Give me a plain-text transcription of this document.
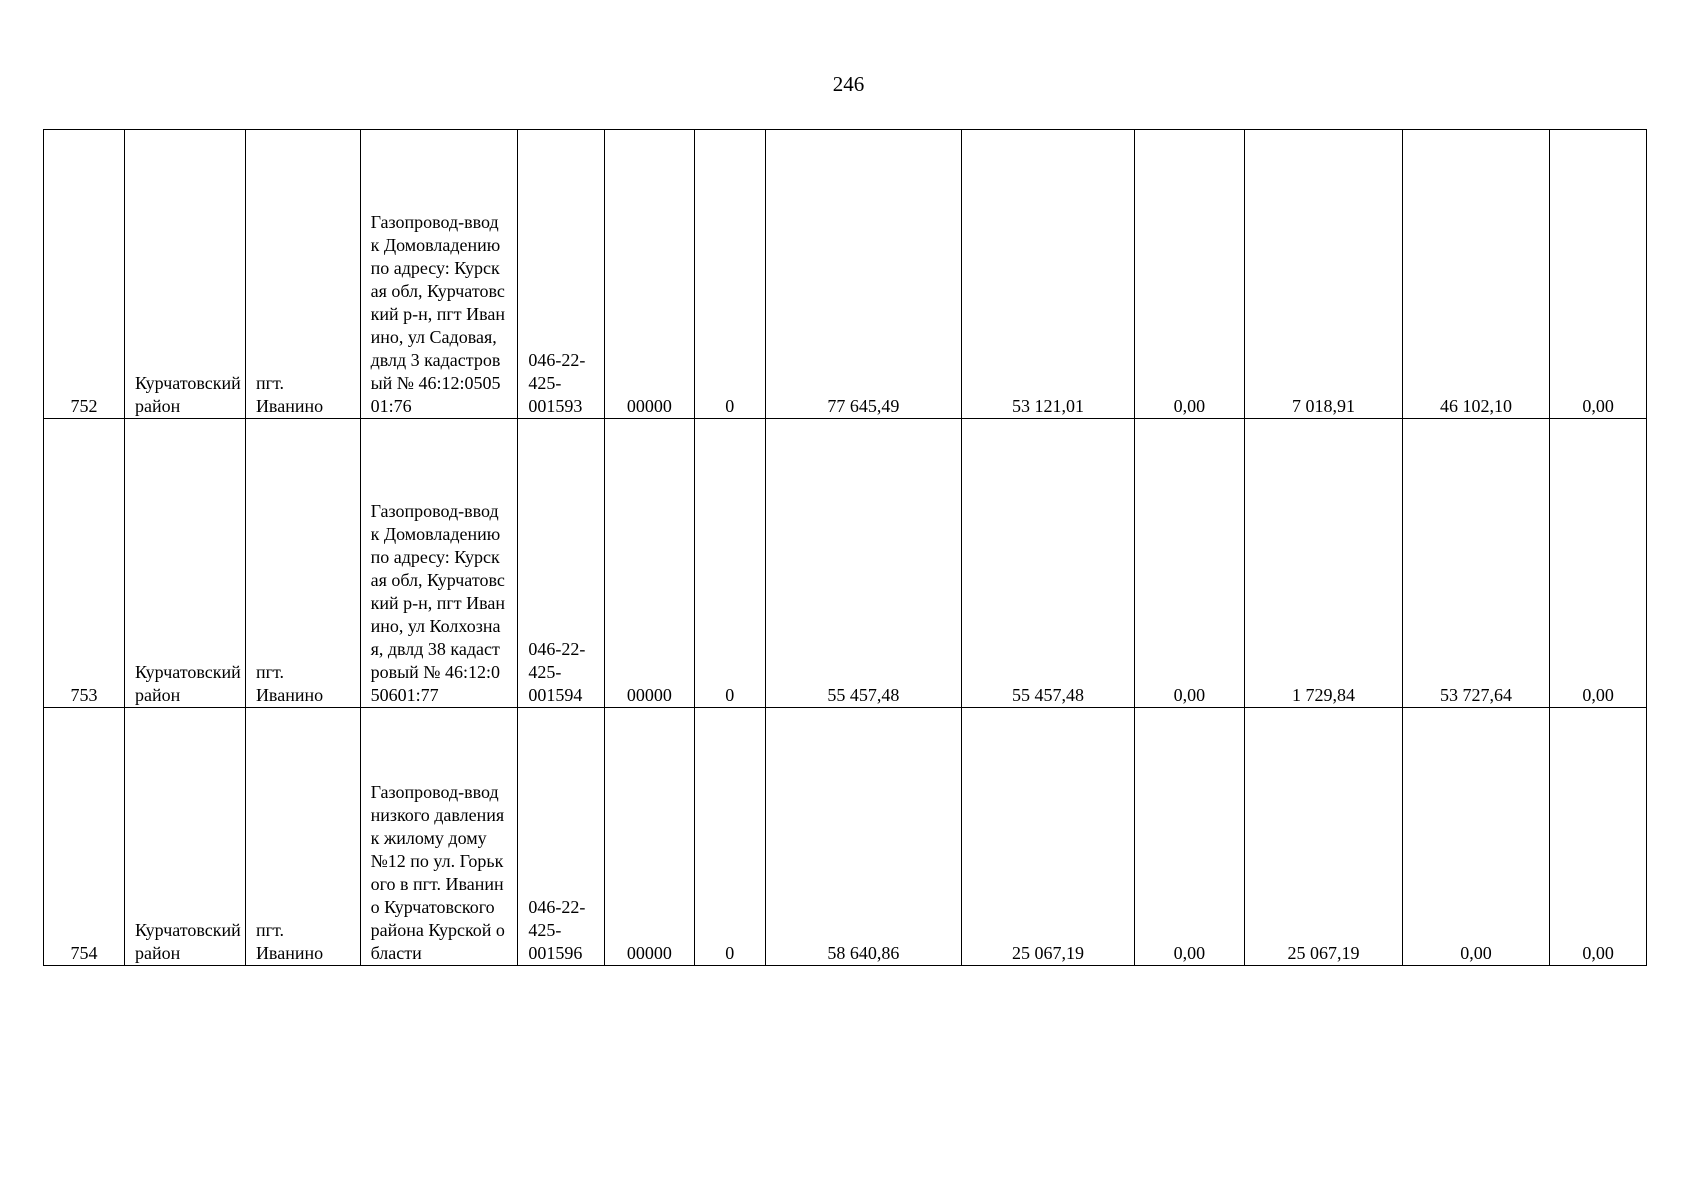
246
752	Курчатовский район	пгт. Иванино	Газопровод-ввод к Домовладению по адресу: Курская обл, Курчатовский р-н, пгт Иванино, ул Садовая, двлд 3 кадастровый № 46:12:050501:76	046-22-425-001593	00000	0	77 645,49	53 121,01	0,00	7 018,91	46 102,10	0,00
753	Курчатовский район	пгт. Иванино	Газопровод-ввод к Домовладению по адресу: Курская обл, Курчатовский р-н, пгт Иванино, ул Колхозная, двлд 38 кадастровый № 46:12:050601:77	046-22-425-001594	00000	0	55 457,48	55 457,48	0,00	1 729,84	53 727,64	0,00
754	Курчатовский район	пгт. Иванино	Газопровод-ввод низкого давления к жилому дому №12 по ул. Горького в пгт. Иванино Курчатовского района Курской области	046-22-425-001596	00000	0	58 640,86	25 067,19	0,00	25 067,19	0,00	0,00
